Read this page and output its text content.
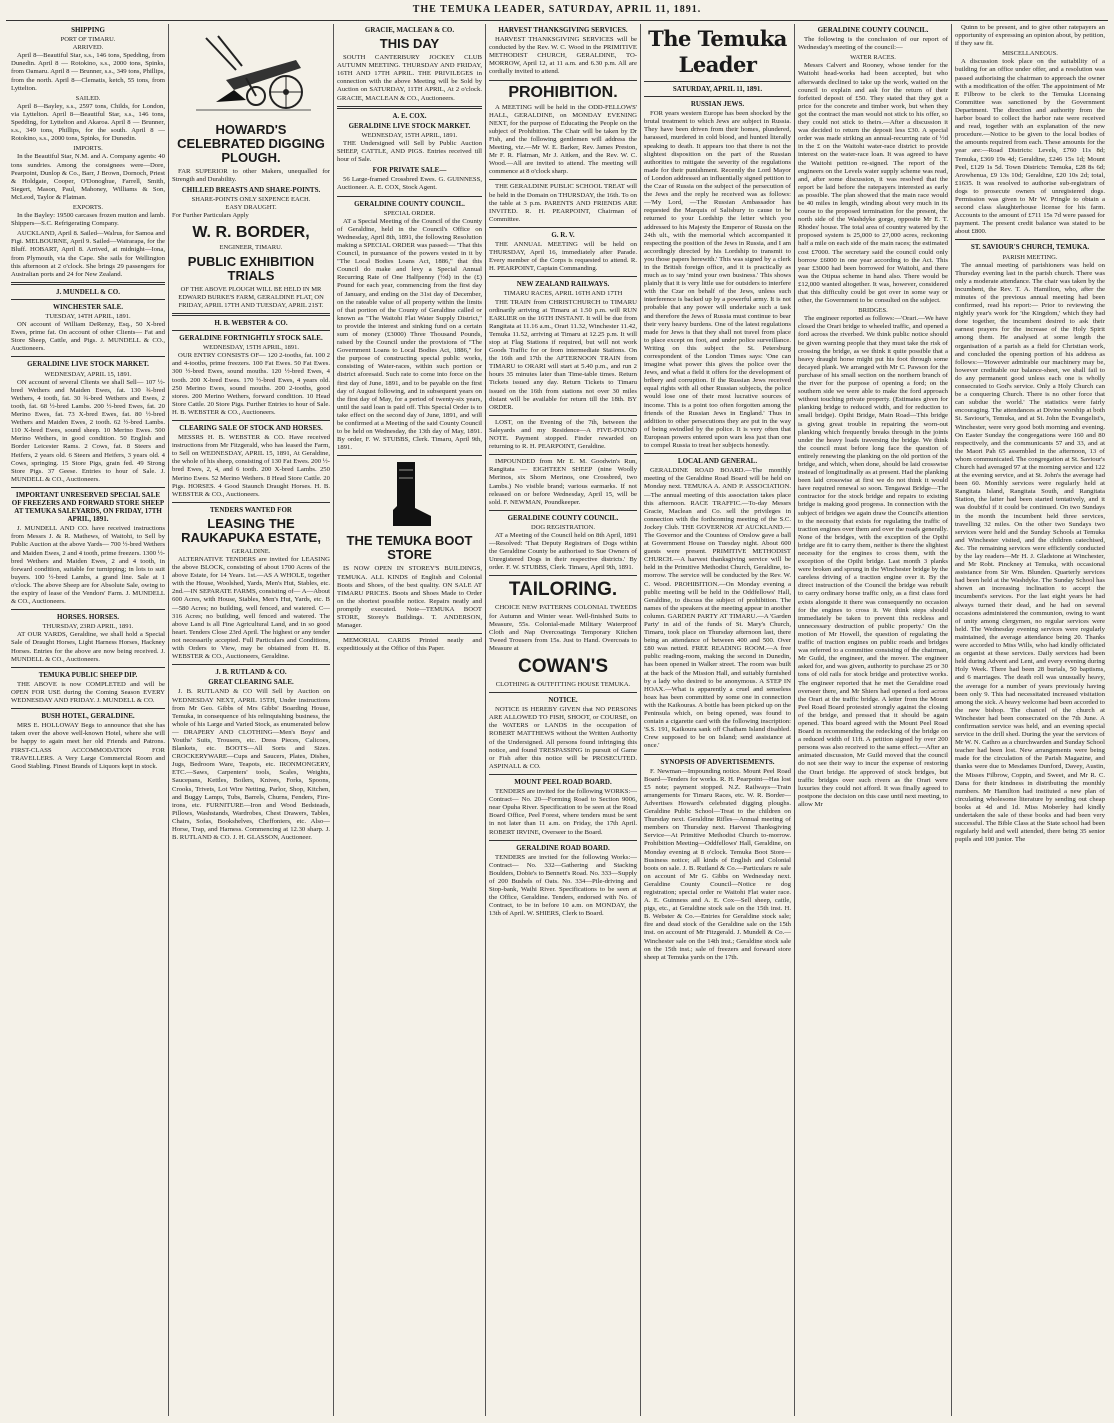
THE TEMUKA LEADER, SATURDAY, APRIL 11, 1891.
SHIPPING
PORT OF TIMARU.
ARRIVED.

April 8—Beautiful Star, s.s., 146 tons, Spedding, from Dunedin. April 8 — Rotokino, s.s., 2000 tons, Spinks, from Oamaru. April 8 — Brunner, s.s., 349 tons, Phillips, from the north. April 8—Clematis, ketch, 55 tons, from Lyttelton.

SAILED.

April 8—Bayley, s.s., 2597 tons, Childs, for London, via Lyttelton. April 8—Beautiful Star, s.s., 146 tons, Spedding, for Lyttelton and Akaroa. April 8 — Brunner, s.s., 349 tons, Phillips, for the south. April 8 — Rotokino, s.s., 2000 tons, Spinks, for Dunedin.

IMPORTS.

In the Beautiful Star, N.M. and A. Company agents: 40 tons sundries. Among the consignees were—Dore, Pearpoint, Dunlop & Co., Barr, J Brown, Dornoch, Priest & Holdgate, Cooper, O'Donoghue, Farrell, Smith, Siegert, Mason, Paul, Mahoney, Williams & Son, McLeod, Taylor & Flatman.

EXPORTS.

In the Bayley: 19500 carcases frozen mutton and lamb. Shippers—S.C. Refrigerating Company.

AUCKLAND, April 8. Sailed—Walrus, for Samoa and Figi. MELBOURNE, April 9. Sailed—Wairarapa, for the Bluff. HOBART, April 8. Arrived, at midnight—Iona, from Plymouth, via the Cape. She sails for Wellington this afternoon at 2 o'clock. She brings 29 passengers for Australian ports and 24 for New Zealand.

J. MUNDELL & CO.
WINCHESTER SALE.
TUESDAY, 14TH APRIL, 1891.

ON account of William DeRenzy, Esq., 50 X-bred Ewes, prime fat. On account of other Clients— Fat and Store Sheep, Cattle, and Pigs. J. MUNDELL & CO., Auctioneers.

GERALDINE LIVE STOCK MARKET.
WEDNESDAY, APRIL 15, 1891.

ON account of several Clients we shall Sell— 107 ½-bred Wethers and Maiden Ewes, fat. 130 ¾-bred Wethers, 4 tooth, fat. 30 ¾-bred Wethers and Ewes, 2 tooth, fat. 68 ½-bred Lambs. 200 ½-bred Ewes, fat. 20 Merino Ewes, fat. 73 X-bred Ewes, fat. 80 ½-bred Wethers and Maiden Ewes, 2 tooth. 62 ½-bred Lambs. 110 X-bred Ewes, sound sheep. 10 Merino Ewes. 500 Merino Wethers, in good condition. 50 English and Border Leicester Rams. 2 Cows, fat. 8 Steers and Heifers, 2 years old. 6 Steers and Heifers, 3 years old. 4 Cows, springing. 15 Store Pigs, grain fed. 49 Strong Store Pigs. 37 Geese. Entries to hour of Sale. J. MUNDELL & CO., Auctioneers.

IMPORTANT UNRESERVED SPECIAL SALE OF FREEZERS AND FORWARD STORE SHEEP AT TEMUKA SALEYARDS, ON FRIDAY, 17TH APRIL, 1891.

J. MUNDELL AND CO. have received instructions from Messrs J. & R. Mathews, of Waitohi, to Sell by Public Auction at the above Yards— 700 ½-bred Wethers and Maiden Ewes, 2 and 4 tooth, prime freezers. 1300 ½-bred Wethers and Maiden Ewes, 2 and 4 tooth, in forward condition, suitable for turnipping; in lots to suit buyers. 100 ½-bred Lambs, a grand line. Sale at 1 o'clock. The above Sheep are for Absolute Sale, owing to the expiry of lease of the Vendors' Farm. J. MUNDELL & CO., Auctioneers.

HORSES. HORSES.
THURSDAY, 23RD APRIL, 1891.

AT OUR YARDS, Geraldine, we shall hold a Special Sale of Draught Horses, Light Harness Horses, Hackney Horses. Entries for the above are now being received. J. MUNDELL & CO., Auctioneers.

TEMUKA PUBLIC SHEEP DIP.

THE ABOVE is now COMPLETED and will be OPEN FOR USE during the Coming Season EVERY WEDNESDAY AND FRIDAY. J. MUNDELL & CO.

BUSH HOTEL, GERALDINE.

MRS E. HOLLOWAY Begs to announce that she has taken over the above well-known Hotel, where she will be happy to again meet her old Friends and Patrons. FIRST-CLASS ACCOMMODATION FOR TRAVELLERS. A Very Large Commercial Room and Good Stabling. Finest Brands of Liquors kept in stock.

HOWARD'S CELEBRATED DIGGING PLOUGH.

FAR SUPERIOR to other Makers, unequalled for Strength and Durability.

CHILLED BREASTS AND SHARE-POINTS.
SHARE-POINTS ONLY SIXPENCE EACH.
EASY DRAUGHT.
For Further Particulars Apply
W. R. BORDER,
ENGINEER, TIMARU.
PUBLIC EXHIBITION TRIALS
OF THE ABOVE PLOUGH WILL BE HELD IN MR EDWARD BURKE'S FARM, GERALDINE FLAT, ON FRIDAY, APRIL 17TH AND TUESDAY, APRIL 21ST.
H. B. WEBSTER & CO.
GERALDINE FORTNIGHTLY STOCK SALE.
WEDNESDAY, 15TH APRIL, 1891.

OUR ENTRY CONSISTS OF— 120 2-tooths, fat. 100 2 and 4-tooths, prime freezers. 100 Fat Ewes. 50 Fat Ewes. 300 ½-bred Ewes, sound mouths. 120 ½-bred Ewes, 4 tooth. 200 X-bred Ewes. 170 ½-bred Ewes, 4 years old. 250 Merino Ewes, sound mouths. 200 2-tooths, good stores. 200 Merino Wethers, forward condition. 10 Head Store Cattle. 20 Store Pigs. Further Entries to hour of Sale. H. B. WEBSTER & CO., Auctioneers.

CLEARING SALE OF STOCK AND HORSES.

MESSRS H. B. WEBSTER & CO. Have received instructions from Mr Fitzgerald, who has leased the Farm, to Sell on WEDNESDAY, APRIL 15, 1891, At Geraldine, the whole of his sheep, consisting of 130 Fat Ewes. 200 ½-bred Ewes, 2, 4, and 6 tooth. 200 X-bred Lambs. 250 Merino Ewes. 52 Merino Wethers. 8 Head Store Cattle. 20 Pigs. HORSES. 4 Good Staunch Draught Horses. H. B. WEBSTER & CO., Auctioneers.

TENDERS WANTED FOR
LEASING THE RAUKAPUKA ESTATE,
GERALDINE.

ALTERNATIVE TENDERS are invited for LEASING the above BLOCK, consisting of about 1700 Acres of the above Estate, for 14 Years. 1st.—AS A WHOLE, together with the House, Woolshed, Yards, Men's Hut, Stables, etc. 2nd.—IN SEPARATE FARMS, consisting of— A—About 600 Acres, with House, Stables, Men's Hut, Yards, etc. B—580 Acres; no building, well fenced, and watered. C—316 Acres; no building, well fenced and watered. The above Land is all Fine Agricultural Land, and in so good heart. Tenders Close 23rd April. The highest or any tender not necessarily accepted. Full Particulars and Conditions, with Orders to View, may be obtained from H. B. WEBSTER & CO., Auctioneers, Geraldine.

J. B. RUTLAND & CO.
GREAT CLEARING SALE.

J. B. RUTLAND & CO Will Sell by Auction on WEDNESDAY NEXT, APRIL 15TH, Under instructions from Mr Geo. Gibbs of Mrs Gibbs' Boarding House, Temuka, in consequence of his relinquishing business, the whole of his Large and Varied Stock, as enumerated below— DRAPERY AND CLOTHING—Men's Boys' and Youths' Suits, Trousers, etc. Dress Pieces, Calicoes, Blankets, etc. BOOTS—All Sorts and Sizes. CROCKERYWARE—Cups and Saucers, Plates, Dishes, Jugs, Bedroom Ware, Teapots, etc. IRONMONGERY, ETC.—Saws, Carpenters' tools, Scales, Weights, Saucepans, Kettles, Boilers, Knives, Forks, Spoons, Crooks, Trivets, Lot Wire Netting, Parlor, Shop, Kitchen, and Buggy Lamps, Tubs, Barrels, Churns, Fenders, Fire-irons, etc. FURNITURE—Iron and Wood Bedsteads, Pillows, Washstands, Wardrobes, Chest Drawers, Tables, Chairs, Sofas, Bookshelves, Cheffoniers, etc. Also—Horse, Trap, and Harness. Commencing at 12.30 sharp. J. B. RUTLAND & CO. J. H. GLASSON, Auctioneer.

GRACIE, MACLEAN & CO.
THIS DAY

SOUTH CANTERBURY JOCKEY CLUB AUTUMN MEETING. THURSDAY AND FRIDAY, 16TH AND 17TH APRIL. THE PRIVILEGES in connection with the above Meeting will be Sold by Auction on SATURDAY, 11TH APRIL, At 2 o'clock. GRACIE, MACLEAN & CO., Auctioneers.

A. E. COX.
GERALDINE LIVE STOCK MARKET.
WEDNESDAY, 15TH APRIL, 1891.

THE Undersigned will Sell by Public Auction SHEEP, CATTLE, AND PIGS. Entries received till hour of Sale.

FOR PRIVATE SALE—

56 Large-framed Crossbred Ewes. G. GUINNESS, Auctioneer. A. E. COX, Stock Agent.

GERALDINE COUNTY COUNCIL.
SPECIAL ORDER.

AT a Special Meeting of the Council of the County of Geraldine, held in the Council's Office on Wednesday, April 8th, 1891, the following Resolution making a SPECIAL ORDER was passed:— 'That this Council, in pursuance of the powers vested in it by "The Local Bodies Loans Act, 1886," that this Council do make and levy a Special Annual Recurring Rate of One Halfpenny (½d) in the (£) Pound for each year, commencing from the first day of January, and ending on the 31st day of December, on the rateable value of all property within the limits of that portion of the County of Geraldine called or known as "The Waitohi Flat Water Supply District," to provide the interest and sinking fund on a certain sum of money (£3000) Three Thousand Pounds, raised by the Council under the provisions of "The Government Loans to Local Bodies Act, 1886," for the purpose of constructing special public works, consisting of Water-races, within such portion or district aforesaid. Such rate to come into force on the first day of June, 1891, and to be payable on the first day of August following, and in subsequent years on the first day of May, for a period of twenty-six years, until the said loan is paid off. This Special Order is to take effect on the second day of June, 1891, and will be confirmed at a Meeting of the said County Council to be held on Wednesday, the 13th day of May, 1891. By order, F. W. STUBBS, Clerk. Timaru, April 9th, 1891.

THE TEMUKA BOOT STORE

IS NOW OPEN IN STOREY'S BUILDINGS, TEMUKA. ALL KINDS of English and Colonial Boots and Shoes, of the best quality. ON SALE AT TIMARU PRICES. Boots and Shoes Made to Order on the shortest possible notice. Repairs neatly and promptly executed. Note—TEMUKA BOOT STORE, Storey's Buildings. T. ANDERSON, Manager.

MEMORIAL CARDS Printed neatly and expeditiously at the Office of this Paper.

HARVEST THANKSGIVING SERVICES.

HARVEST THANKSGIVING SERVICES will be conducted by the Rev. W. C. Wood in the PRIMITIVE METHODIST CHURCH, GERALDINE, TO-MORROW, April 12, at 11 a.m. and 6.30 p.m. All are cordially invited to attend.

PROHIBITION.

A MEETING will be held in the ODD-FELLOWS' HALL, GERALDINE, on MONDAY EVENING NEXT, for the purpose of Educating the People on the subject of Prohibition. The Chair will be taken by Dr Fish, and the following gentlemen will address the Meeting, viz.—Mr W. E. Barker, Rev. James Preston, Mr F. R. Flatman, Mr J. Aitken, and the Rev. W. C. Wood.—All are invited to attend. The meeting will commence at 8 o'clock sharp.

THE GERALDINE PUBLIC SCHOOL TREAT will be held in the Domain on THURSDAY, the 16th. To on the table at 3 p.m. PARENTS AND FRIENDS ARE INVITED. R. H. PEARPOINT, Chairman of Committee.

G. R. V.

THE ANNUAL MEETING will be held on THURSDAY, April 16, immediately after Parade. Every member of the Corps is requested to attend. R. H. PEARPOINT, Captain Commanding.

NEW ZEALAND RAILWAYS.
TIMARU RACES, APRIL 16TH AND 17TH

THE TRAIN from CHRISTCHURCH to TIMARU ordinarily arriving at Timaru at 1.50 p.m. will RUN EARLIER on the 16TH INSTANT. It will be due from Rangitata at 11.16 a.m., Orari 11.32, Winchester 11.42, Temuka 11.52, arriving at Timaru at 12.25 p.m. It will stop at Flag Stations if required, but will not work Goods Traffic for or from intermediate Stations. On the 16th and 17th the AFTERNOON TRAIN from TIMARU to ORARI will start at 5.40 p.m., and run 2 hours 35 minutes later than Time-table times. Return Tickets issued any day. Return Tickets to Timaru issued on the 16th from stations not over 30 miles distant will be available for return till the 18th. BY ORDER.

LOST, on the Evening of the 7th, between the Saleyards and my Residence—A FIVE-POUND NOTE. Payment stopped. Finder rewarded on returning to R. H. PEARPOINT, Geraldine.

IMPOUNDED from Mr E. M. Goodwin's Run, Rangitata — EIGHTEEN SHEEP (nine Woolly Merinos, six Shorn Merinos, one Crossbred, two Lambs.) No visible brand; various earmarks. If not released on or before Wednesday, April 15, will be sold. F. NEWMAN, Poundkeeper.

GERALDINE COUNTY COUNCIL.
DOG REGISTRATION.

AT a Meeting of the Council held on 8th April, 1891—Resolved: 'That Deputy Registrars of Dogs within the Geraldine County be authorised to Sue Owners of Unregistered Dogs in their respective districts.' By order. F. W. STUBBS, Clerk. Timaru, April 9th, 1891.

TAILORING.

CHOICE NEW PATTERNS COLONIAL TWEEDS for Autumn and Winter wear. Well-finished Suits to Measure, 55s. Colonial-made Military Waterproof Cloth and Nap Overcoatings Temporary Kitchen Tweed Trousers from 15s. Just to Hand. Overcoats to Measure at

COWAN'S
CLOTHING & OUTFITTING HOUSE TEMUKA.
NOTICE.

NOTICE IS HEREBY GIVEN that NO PERSONS ARE ALLOWED TO FISH, SHOOT, or COURSE, on the WATERS or LANDS in the occupation of ROBERT MATTHEWS without the Written Authority of the Undersigned. All persons found infringing this notice, and found TRESPASSING in pursuit of Game or Fish after this notice will be PROSECUTED. ASPINALL & CO.

MOUNT PEEL ROAD BOARD.

TENDERS are invited for the following WORKS:— Contract— No. 20—Forming Road to Section 9006, near Opuha River. Specification to be seen at the Road Board Office, Peel Forest, where tenders must be sent in not later than 11 a.m. on Friday, the 17th April. ROBERT IRVINE, Overseer to the Board.

GERALDINE ROAD BOARD.

TENDERS are invited for the following Works:— Contract— No. 332—Gathering and Stacking Boulders, Dobie's to Bennett's Road. No. 333—Supply of 200 Bushels of Oats. No. 334—Pile-driving and Stop-bank, Waihi River. Specifications to be seen at the Office, Geraldine. Tenders, endorsed with No. of Contract, to be in before 10 a.m. on MONDAY, the 13th of April. W. SHIERS, Clerk to Board.

The Temuka Leader
SATURDAY, APRIL 11, 1891.
RUSSIAN JEWS.

FOR years western Europe has been shocked by the brutal treatment to which Jews are subject in Russia. They have been driven from their homes, plundered, harassed, murdered in cold blood, and hunted literally speaking to death. It appears too that there is not the slightest disposition on the part of the Russian authorities to mitigate the severity of the regulations made for their punishment. Recently the Lord Mayor of London addressed an influentially signed petition to the Czar of Russia on the subject of the persecution of the Jews and the reply he received was as follows:—'My Lord, —The Russian Ambassador has requested the Marquis of Salisbury to cause to be returned to your Lordship the letter which you addressed to his Majesty the Emperor of Russia on the 24th ult., with the memorial which accompanied it respecting the position of the Jews in Russia, and I am accordingly directed by his Lordship to transmit to you those papers herewith.' This was signed by a clerk in the British foreign office, and it is practically as much as to say 'mind your own business.' This shows plainly that it is very little use for outsiders to interfere with the Czar on behalf of the Jews, unless such interference is backed up by a powerful army. It is not probable that any power will undertake such a task and therefore the Jews of Russia must continue to bear their very heavy burdens. One of the latest regulations made for Jews is that they shall not travel from place to place except on foot, and under police surveillance. Writing on this subject the St. Petersburg correspondent of the London Times says: 'One can imagine what power this gives the police over the Jews, and what a field it offers for the development of bribery and corruption. If the Russian Jews received equal rights with all other Russian subjects, the police would lose one of their most lucrative sources of income. This is a point too often forgotten among the friends of the Russian Jews in England.' Thus in addition to other persecutions they are put in the way of being swindled by the police. It is very often that European powers entered upon wars less just than one to compel Russia to treat her subjects honestly.

LOCAL AND GENERAL.

GERALDINE ROAD BOARD.—The monthly meeting of the Geraldine Road Board will be held on Monday next. TEMUKA A. AND P. ASSOCIATION.—The annual meeting of this association takes place this afternoon. RACE TRAFFIC.—To-day Messrs Gracie, Maclean and Co. sell the privileges in connection with the forthcoming meeting of the S.C. Jockey Club. THE GOVERNOR AT AUCKLAND.—The Governor and the Countess of Onslow gave a ball at Government House on Tuesday night. About 600 guests were present. PRIMITIVE METHODIST CHURCH.—A harvest thanksgiving service will be held in the Primitive Methodist Church, Geraldine, to-morrow. The service will be conducted by the Rev. W. C. Wood. PROHIBITION.—On Monday evening a public meeting will be held in the Oddfellows' Hall, Geraldine, to discuss the subject of prohibition. The names of the speakers at the meeting appear in another column. GARDEN PARTY AT TIMARU.—A 'Garden Party' in aid of the funds of St. Mary's Church, Timaru, took place on Thursday afternoon last, there being an attendance of between 400 and 500. Over £80 was netted. FREE READING ROOM.—A free public reading-room, making the second in Dunedin, has been opened in Walker street. The room was built at the back of the Mission Hall, and suitably furnished by a lady who desired to be anonymous. A STEP IN HOAX.—What is apparently a cruel and senseless hoax has been committed by some one in connection with the Kaikouras. A bottle has been picked up on the Peninsula which, on being opened, was found to contain a cigarette card with the following inscription: 'S.S. 191, Kaikoura sank off Chatham Island disabled. Crew supposed to be on Island; send assistance at once.'

SYNOPSIS OF ADVERTISEMENTS.

F. Newman—Impounding notice. Mount Peel Road Board—Tenders for works. R. H. Pearpoint—Has lost £5 note; payment stopped. N.Z. Railways—Train arrangements for Timaru Races, etc. W. R. Border—Advertises Howard's celebrated digging ploughs. Geraldine Public School—Treat to the children on Thursday next. Geraldine Rifles—Annual meeting of members on Thursday next. Harvest Thanksgiving Service—At Primitive Methodist Church to-morrow. Prohibition Meeting—Oddfellows' Hall, Geraldine, on Monday evening at 8 o'clock. Temuka Boot Store—Business notice; all kinds of English and Colonial boots on sale. J. B. Rutland & Co.—Particulars re sale on account of Mr G. Gibbs on Wednesday next. Geraldine County Council—Notice re dog registration; special order re Waitohi Flat water race. A. E. Guinness and A. E. Cox—Sell sheep, cattle, pigs, etc., at Geraldine stock sale on the 15th inst. H. B. Webster & Co.—Entries for Geraldine stock sale; fire and dead stock of the Geraldine sale on the 15th inst. on account of Mr Fitzgerald. J. Mundell & Co.—Winchester sale on the 14th inst.; Geraldine stock sale on the 15th inst.; sale of freezers and forward store sheep at Temuka yards on the 17th.

GERALDINE COUNTY COUNCIL.

The following is the conclusion of our report of Wednesday's meeting of the council:—

WATER RACES.

Messrs Calvert and Rooney, whose tender for the Waitohi head-works had been accepted, but who afterwards declined to take up the work, waited on the council to explain and ask for the return of their forfeited deposit of £50. They stated that they got a price for the concrete and timber work, but when they got the contract the man would not stick to his offer, so they could not stick to theirs.—After a discussion it was decided to return the deposit less £30. A special order was made striking an annual-recurring rate of ½d in the £ on the Waitohi water-race district to provide interest on the water-race loan. It was agreed to have the Waitohi petition re-signed. The report of the engineers on the Levels water supply scheme was read, and, after some discussion, it was resolved that the report be laid before the ratepayers interested as early as possible. The plan showed that the main race would be 40 miles in length, winding about very much in its course to the proposed termination for the present, the north side of the Washdyke gorge, opposite Mr E. T. Rhodes' house. The total area of country watered by the proposed system is 25,000 to 27,000 acres, reckoning half a mile on each side of the main races; the estimated cost £7000. The secretary said the council could only borrow £6000 in one year according to the Act. This year £3000 had been borrowed for Waitohi, and there was the Otipua scheme in hand also. There would be £12,000 wanted altogether. It was, however, considered that this difficulty could be got over in some way or other, the Government to be consulted on the subject.

BRIDGES.

The engineer reported as follows:—'Orari.—We have closed the Orari bridge to wheeled traffic, and opened a ford across the riverbed. We think public notice should be given warning people that they must take the risk of crossing the bridge, as we think it quite possible that a heavy draught horse might put his foot through some decayed plank. We arranged with Mr C. Pawson for the purchase of his small section on the northern branch of the river for the purpose of opening a ford; on the southern side we were able to make the ford approach without touching private property. (Estimates given for planking bridge to reduced width, and for reduction to small bridge). Opihi Bridge, Main Road—This bridge is giving great trouble in repairing the worn-out planking which frequently breaks through in the joints under the heavy loads traversing the bridge. We think the council must before long face the question of entirely renewing the planking on the old portion of the bridge, and which, when done, should be laid crosswise instead of longitudinally as at present. Had the planking been laid crosswise at first we do not think it would have required renewal so soon. Tengawai Bridge—The contractor for the stock bridge and repairs to existing bridge is making good progress. In connection with the subject of bridges we again draw the Council's attention to the necessity that exists for regulating the traffic of traction engines over them and over the roads generally. None of the bridges, with the exception of the Opihi bridge are fit to carry them, neither is there the slightest necessity for the engines to cross them, with the exception of the Opihi bridge. Last month 3 planks were broken and sprung in the Winchester bridge by the careless driving of a traction engine over it. By the direct instruction of the Council the bridge was rebuilt to carry ordinary horse traffic only, as a first class ford exists alongside it there was consequently no occasion for the engines to cross it. We think steps should immediately be taken to prevent this reckless and unnecessary destruction of public property.' On the motion of Mr Howell, the question of regulating the traffic of traction engines on public roads and bridges was referred to a committee consisting of the chairman, Mr Guild, the engineer, and the mover. The engineer asked for, and was given, authority to purchase 25 or 30 tons of old rails for stock bridge and protective works. The engineer reported that he met the Geraldine road overseer there, and Mr Shiers had opened a ford across the Orari at the traffic bridge. A letter from the Mount Peel Road Board protested strongly against the closing of the bridge, and pressed that it should be again opened. This board agreed with the Mount Peel Road Board in recommending the redecking of the bridge on a reduced width of 11ft. A petition signed by over 200 persons was also received to the same effect.—After an animated discussion, Mr Guild moved that the council do not see their way to incur the expense of restoring the Orari bridge. He approved of stock bridges, but traffic bridges over such rivers as the Orari were luxuries they could not afford. It was finally agreed to postpone the decision on this case until next meeting, to allow Mr

Quinn to be present, and to give other ratepayers an opportunity of expressing an opinion about, by petition, if they saw fit.

MISCELLANEOUS.

A discussion took place on the suitability of a building for an office under offer, and a resolution was passed authorising the chairman to approach the owner with a modification of the offer. The appointment of Mr E Filbrow to be clerk to the Temuka Licensing Committee was sanctioned by the Government Department. The direction and authority from the harbor board to collect the harbor rate were received and read, together with an explanation of the new procedure.—Notice to be given to the local bodies of the amounts required from each. These amounts for the year are:—Road Districts: Levels, £760 11s 8d; Temuka, £369 19s 4d; Geraldine, £246 15s 1d; Mount Peel, £129 1s 5d. Town Districts: Temuka, £28 8s 6d; Arowhenua, £9 13s 10d; Geraldine, £20 10s 2d; total, £1635. It was resolved to authorise sub-registrars of dogs to prosecute owners of unregistered dogs. Permission was given to Mr W. Pringle to obtain a second class slaughterhouse license for his farm. Accounts to the amount of £711 15s 7d were passed for payment. The present credit balance was stated to be about £800.

ST. SAVIOUR'S CHURCH, TEMUKA.
PARISH MEETING.

The annual meeting of parishioners was held on Thursday evening last in the parish church. There was only a moderate attendance. The chair was taken by the incumbent, the Rev. T. A. Hamilton, who, after the minutes of the previous annual meeting had been confirmed, read his report:— Prior to reviewing the nightly year's work for 'the Kingdom,' which they had done together, the incumbent desired to ask their earnest prayers for the increase of the Holy Spirit among them. He analysed at some length the organisation of a parish as a field for Christian work, and concluded the opening portion of his address as follows:—'However admirable our machinery may be, however creditable our balance-sheet, we shall fail to do any permanent good unless each one is wholly consecrated to God's service. Only a Holy Church can be a conquering Church. There is no other force that can subdue the world.' The statistics were fairly encouraging. The attendances at Divine worship at both St. Saviour's, Temuka, and at St. John the Evangelist's, Winchester, were very good both morning and evening. On Easter Sunday the congregations were 160 and 80 respectively, and the communicants 57 and 33, and at the Maori Pah 65 assembled in the afternoon, 13 of whom communicated. The congregation at St. Saviour's Church had averaged 97 at the morning service and 122 at the evening service, and at St. John's the average had been 60. Monthly services were regularly held at Rangitata Island, Rangitata South, and Rangitata Station, the latter had been started tentatively, and it was doubtful if it could be continued. On two Sundays in the month the incumbent held three services, travelling 32 miles. On the other two Sundays two services were held and the Sunday Schools at Temuka and Winchester visited, and the children catechised, &c. The remaining services were efficiently conducted by the lay readers—Mr H. J. Gladstone at Winchester, and Mr Robt. Pinckney at Temuka, with occasional assistance from Sir Wm. Blunden. Quarterly services had been held at the Washdyke. The Sunday School has shown an increasing inclination to accept the incumbent's services. For the last eight years he had always turned their dead, and he had on several occasions administered the communion, owing to want of unity among clergymen, no regular services were held. The Wednesday evening services were regularly maintained, the average attendance being 20. Thanks were accorded to Miss Wills, who had kindly officiated as organist at these services. Daily services had been held during Advent and Lent, and every evening during Holy Week. There had been 28 burials, 50 baptisms, and 6 marriages. The death roll was unusually heavy, the average for a number of years previously having been only 9. This had necessitated increased visitation among the sick. A heavy welcome had been accorded to the new bishop. The chancel of the church at Winchester had been consecrated on the 7th June. A confirmation service was held, and an evening special service in the drill shed. During the year the services of Mr W. N. Cathro as a churchwarden and Sunday School teacher had been lost. New arrangements were being made for the circulation of the Parish Magazine, and thanks were due to Mesdames Dunford, Davey, Austin, the Misses Filbrow, Coppin, and Sweet, and Mr R. C. Dana for their kindness in distributing the monthly numbers. Mr Hamilton had instituted a new plan of circulating wholesome literature by sending out cheap books at 4d and 1d. Miss Moberley had kindly undertaken the sale of these books and had been very successful. The Bible Class at the State school had been regularly held and well attended, there being 35 senior pupils and 100 junior. The
